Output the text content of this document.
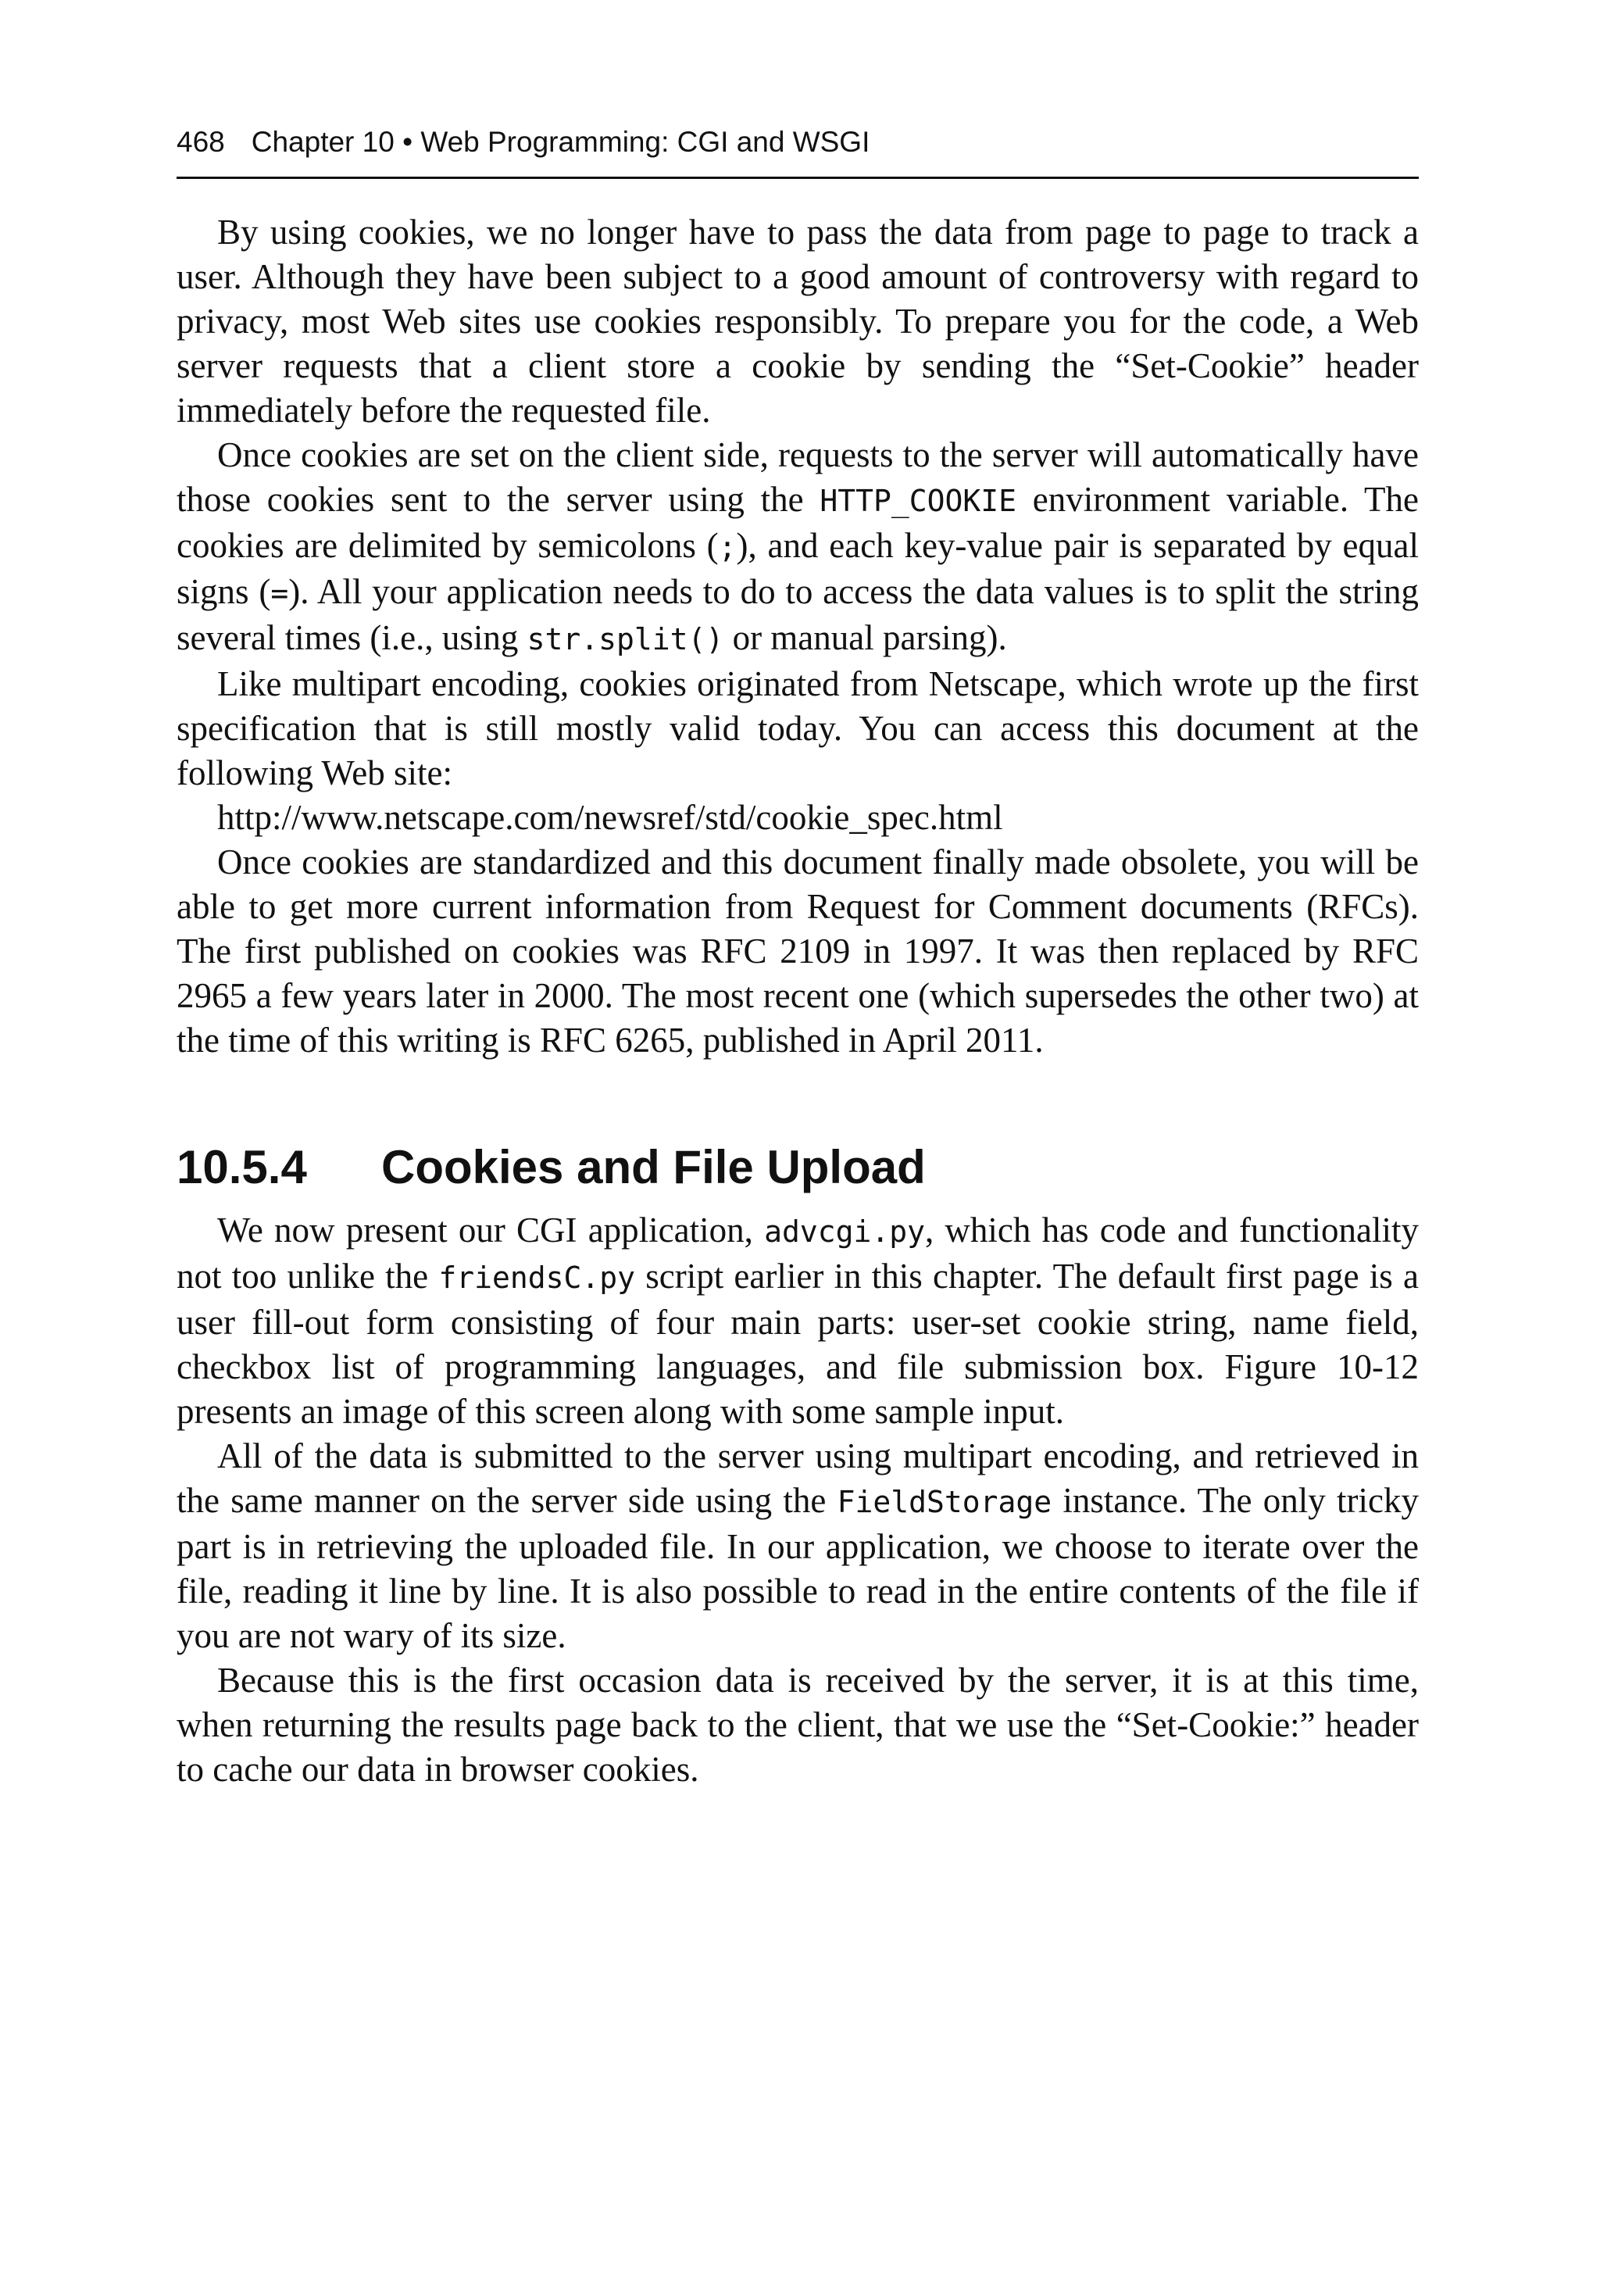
468 Chapter 10 • Web Programming: CGI and WSGI

By using cookies, we no longer have to pass the data from page to page to track a user. Although they have been subject to a good amount of controversy with regard to privacy, most Web sites use cookies responsibly. To prepare you for the code, a Web server requests that a client store a cookie by sending the “Set-Cookie” header immediately before the requested file.

Once cookies are set on the client side, requests to the server will automatically have those cookies sent to the server using the HTTP_COOKIE environment variable. The cookies are delimited by semicolons (;), and each key-value pair is separated by equal signs (=). All your application needs to do to access the data values is to split the string several times (i.e., using str.split() or manual parsing).

Like multipart encoding, cookies originated from Netscape, which wrote up the first specification that is still mostly valid today. You can access this document at the following Web site:

http://www.netscape.com/newsref/std/cookie_spec.html

Once cookies are standardized and this document finally made obsolete, you will be able to get more current information from Request for Comment documents (RFCs). The first published on cookies was RFC 2109 in 1997. It was then replaced by RFC 2965 a few years later in 2000. The most recent one (which supersedes the other two) at the time of this writing is RFC 6265, published in April 2011.

10.5.4 Cookies and File Upload

We now present our CGI application, advcgi.py, which has code and functionality not too unlike the friendsC.py script earlier in this chapter. The default first page is a user fill-out form consisting of four main parts: user-set cookie string, name field, checkbox list of programming languages, and file submission box. Figure 10-12 presents an image of this screen along with some sample input.

All of the data is submitted to the server using multipart encoding, and retrieved in the same manner on the server side using the FieldStorage instance. The only tricky part is in retrieving the uploaded file. In our application, we choose to iterate over the file, reading it line by line. It is also possible to read in the entire contents of the file if you are not wary of its size.

Because this is the first occasion data is received by the server, it is at this time, when returning the results page back to the client, that we use the “Set-Cookie:” header to cache our data in browser cookies.
